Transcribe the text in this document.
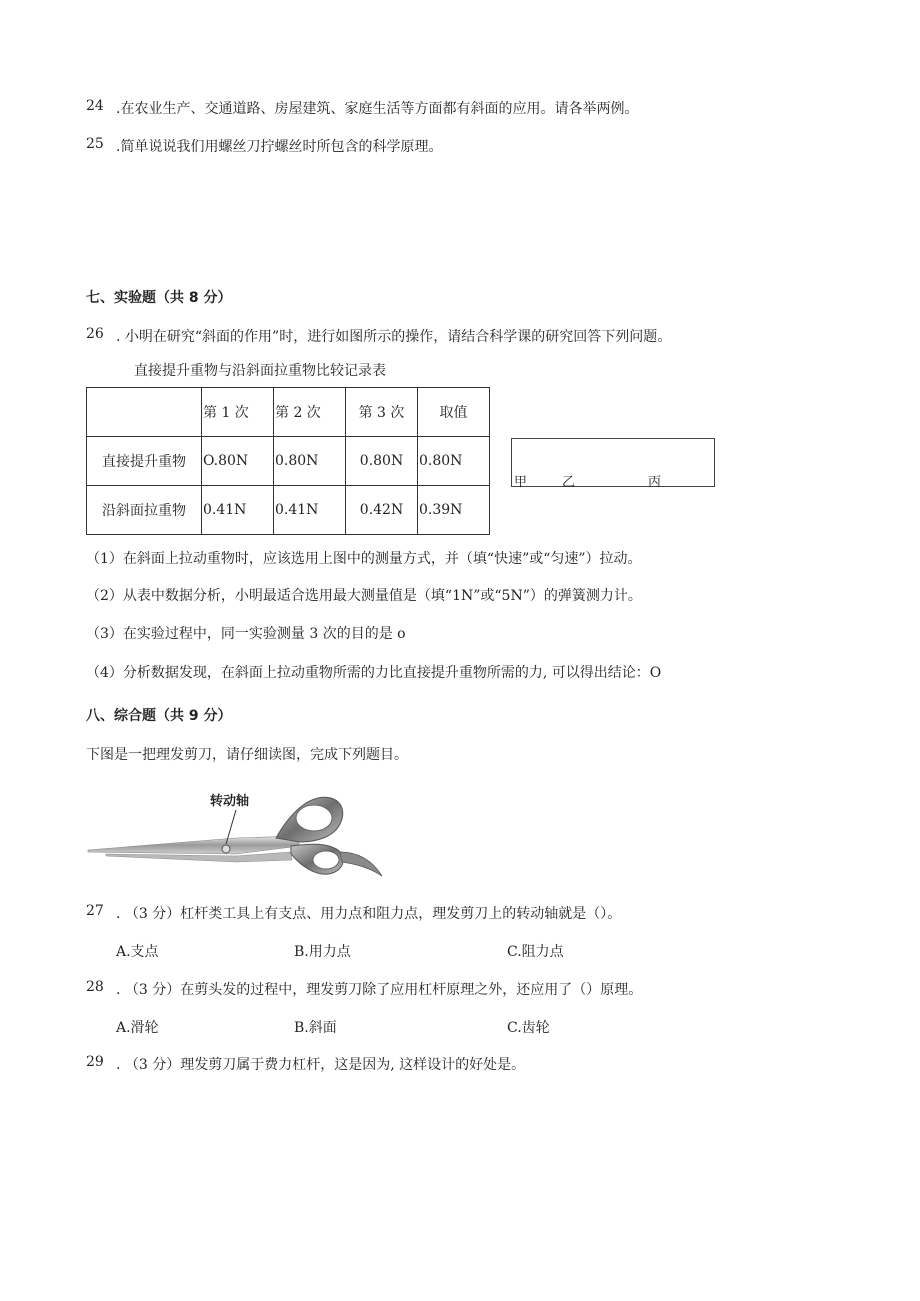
24 .在农业生产、交通道路、房屋建筑、家庭生活等方面都有斜面的应用。请各举两例。
25 .简单说说我们用螺丝刀拧螺丝时所包含的科学原理。
七、实验题（共 8 分）
26 . 小明在研究“斜面的作用”时，进行如图所示的操作，请结合科学课的研究回答下列问题。
直接提升重物与沿斜面拉重物比较记录表
	第 1 次	第 2 次	第 3 次	取值
直接提升重物	O.80N	0.80N	0.80N	0.80N
沿斜面拉重物	0.41N	0.41N	0.42N	0.39N
甲	乙	丙
（1）在斜面上拉动重物时，应该选用上图中的测量方式，并（填“快速”或“匀速”）拉动。
（2）从表中数据分析，小明最适合选用最大测量值是（填“1N”或“5N”）的弹簧测力计。
（3）在实验过程中，同一实验测量 3 次的目的是 o
（4）分析数据发现，在斜面上拉动重物所需的力比直接提升重物所需的力, 可以得出结论：O
八、综合题（共 9 分）
下图是一把理发剪刀，请仔细读图，完成下列题目。
转动轴
27 . （3 分）杠杆类工具上有支点、用力点和阻力点，理发剪刀上的转动轴就是（）。
A.支点	B.用力点	C.阻力点
28 . （3 分）在剪头发的过程中，理发剪刀除了应用杠杆原理之外，还应用了（）原理。
A.滑轮	B.斜面	C.齿轮
29 . （3 分）理发剪刀属于费力杠杆，这是因为, 这样设计的好处是。
